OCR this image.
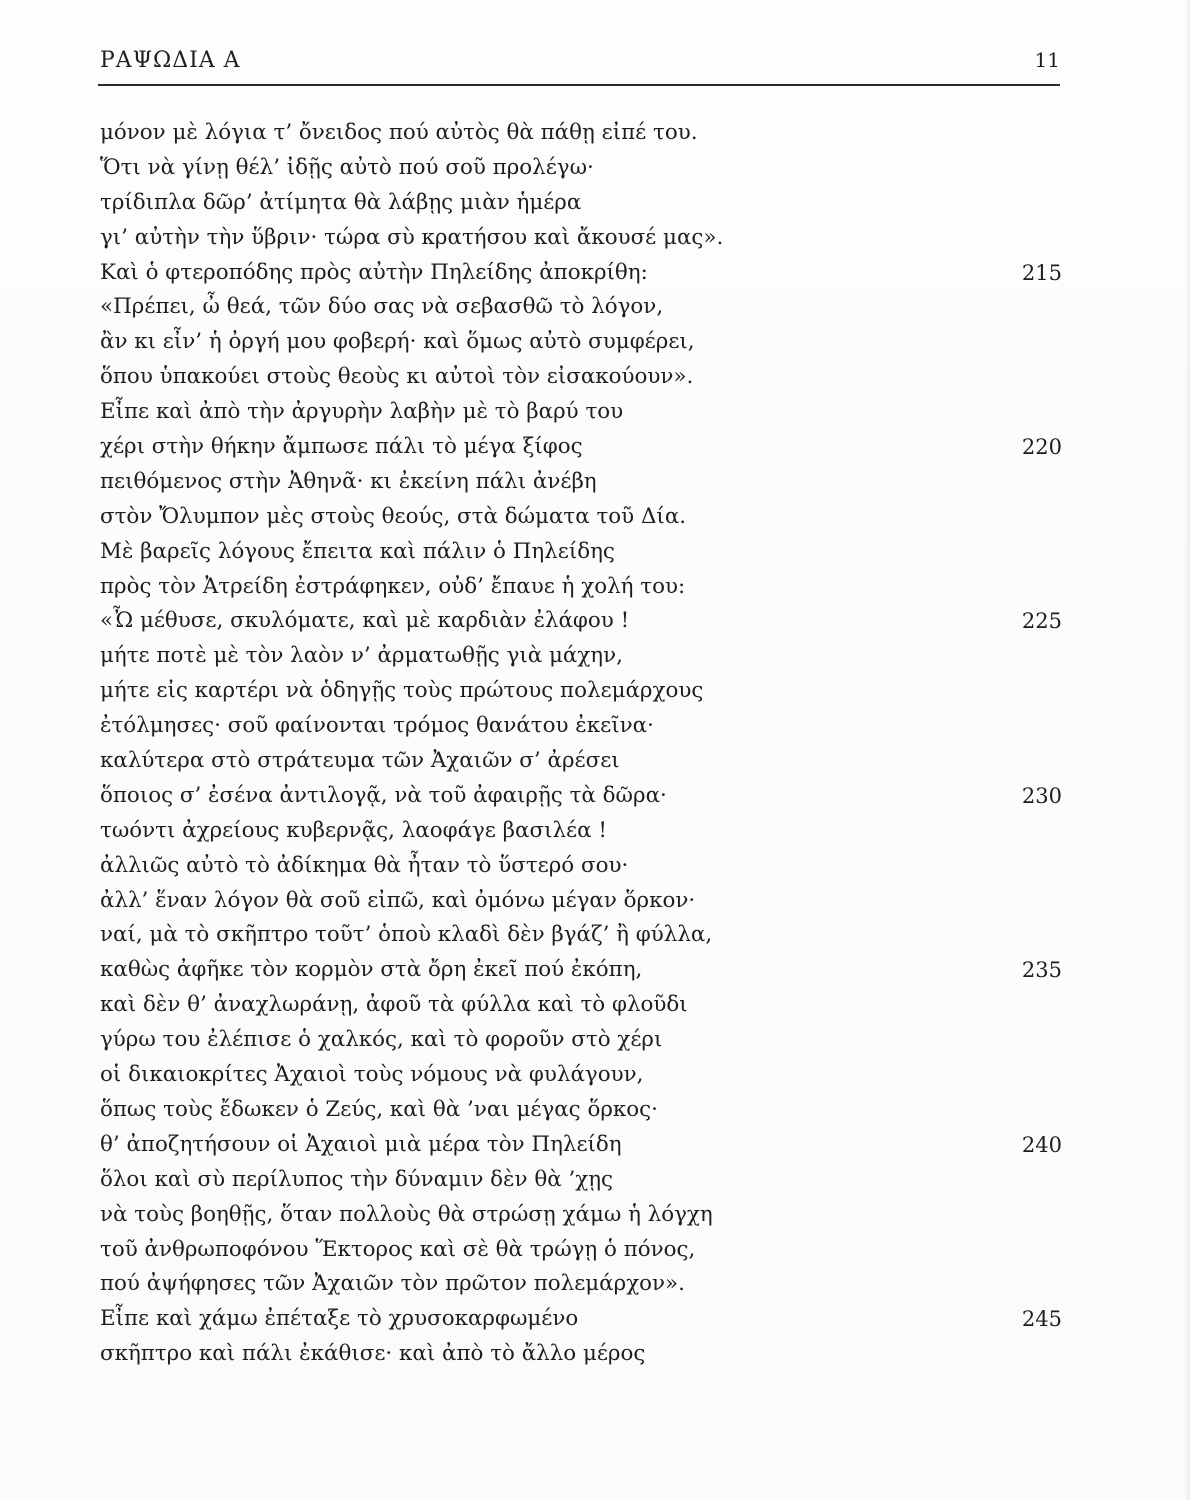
ΡΑΨΩΔΙΑ Α	11
μόνον μὲ λόγια τ’ ὄνειδος πού αὐτὸς θὰ πάθῃ εἰπέ του.
Ὅτι νὰ γίνῃ θέλ’ ἰδῇς αὐτὸ πού σοῦ προλέγω·
τρίδιπλα δῶρ’ ἀτίμητα θὰ λάβῃς μιὰν ἡμέρα
γι’ αὐτὴν τὴν ὕβριν· τώρα σὺ κρατήσου καὶ ἄκουσέ μας».
Καὶ ὁ φτεροπόδης πρὸς αὐτὴν Πηλείδης ἀποκρίθη:	215
«Πρέπει, ὦ θεά, τῶν δύο σας νὰ σεβασθῶ τὸ λόγον,
ἂν κι εἶν’ ἡ ὀργή μου φοβερή· καὶ ὅμως αὐτὸ συμφέρει,
ὅπου ὑπακούει στοὺς θεοὺς κι αὐτοὶ τὸν εἰσακούουν».
Εἶπε καὶ ἀπὸ τὴν ἀργυρὴν λαβὴν μὲ τὸ βαρύ του
χέρι στὴν θήκην ἄμπωσε πάλι τὸ μέγα ξίφος	220
πειθόμενος στὴν Ἀθηνᾶ· κι ἐκείνη πάλι ἀνέβη
στὸν Ὄλυμπον μὲς στοὺς θεούς, στὰ δώματα τοῦ Δία.
Μὲ βαρεῖς λόγους ἔπειτα καὶ πάλιν ὁ Πηλείδης
πρὸς τὸν Ἀτρείδη ἐστράφηκεν, οὐδ’ ἔπαυε ἡ χολή του:
«Ὦ μέθυσε, σκυλόματε, καὶ μὲ καρδιὰν ἐλάφου !	225
μήτε ποτὲ μὲ τὸν λαὸν ν’ ἀρματωθῇς γιὰ μάχην,
μήτε εἰς καρτέρι νὰ ὁδηγῇς τοὺς πρώτους πολεμάρχους
ἐτόλμησες· σοῦ φαίνονται τρόμος θανάτου ἐκεῖνα·
καλύτερα στὸ στράτευμα τῶν Ἀχαιῶν σ’ ἀρέσει
ὅποιος σ’ ἐσένα ἀντιλογᾷ, νὰ τοῦ ἀφαιρῇς τὰ δῶρα·	230
τωόντι ἀχρείους κυβερνᾷς, λαοφάγε βασιλέα !
ἀλλιῶς αὐτὸ τὸ ἀδίκημα θὰ ἦταν τὸ ὕστερό σου·
ἀλλ’ ἕναν λόγον θὰ σοῦ εἰπῶ, καὶ ὀμόνω μέγαν ὅρκον·
ναί, μὰ τὸ σκῆπτρο τοῦτ’ ὁποὺ κλαδὶ δὲν βγάζ’ ἢ φύλλα,
καθὼς ἀφῆκε τὸν κορμὸν στὰ ὄρη ἐκεῖ πού ἐκόπη,	235
καὶ δὲν θ’ ἀναχλωράνῃ, ἀφοῦ τὰ φύλλα καὶ τὸ φλοῦδι
γύρω του ἐλέπισε ὁ χαλκός, καὶ τὸ φοροῦν στὸ χέρι
οἱ δικαιοκρίτες Ἀχαιοὶ τοὺς νόμους νὰ φυλάγουν,
ὅπως τοὺς ἔδωκεν ὁ Ζεύς, καὶ θὰ ’ναι μέγας ὅρκος·
θ’ ἀποζητήσουν οἱ Ἀχαιοὶ μιὰ μέρα τὸν Πηλείδη	240
ὅλοι καὶ σὺ περίλυπος τὴν δύναμιν δὲν θὰ ’χῃς
νὰ τοὺς βοηθῇς, ὅταν πολλοὺς θὰ στρώσῃ χάμω ἡ λόγχη
τοῦ ἀνθρωποφόνου Ἕκτορος καὶ σὲ θὰ τρώγῃ ὁ πόνος,
πού ἀψήφησες τῶν Ἀχαιῶν τὸν πρῶτον πολεμάρχον».
Εἶπε καὶ χάμω ἐπέταξε τὸ χρυσοκαρφωμένο	245
σκῆπτρο καὶ πάλι ἐκάθισε· καὶ ἀπὸ τὸ ἄλλο μέρος
